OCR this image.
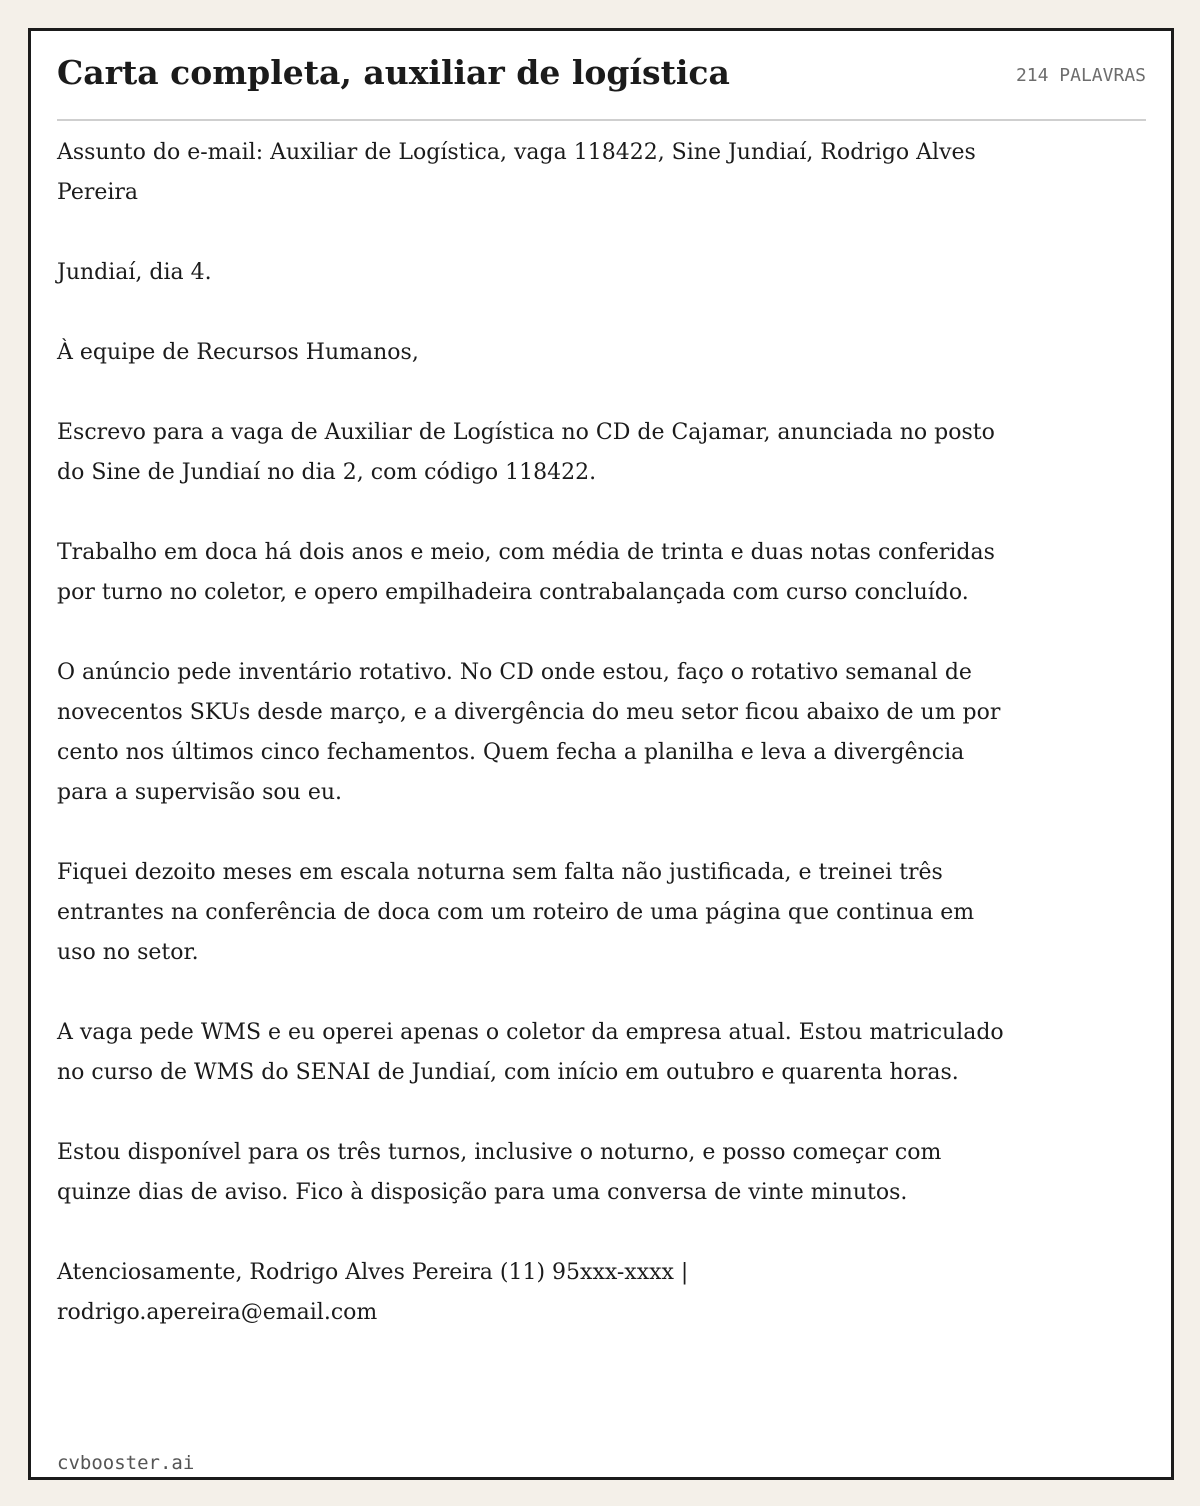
Carta completa, auxiliar de logística	214 PALAVRAS

Assunto do e-mail: Auxiliar de Logística, vaga 118422, Sine Jundiaí, Rodrigo Alves Pereira

Jundiaí, dia 4.

À equipe de Recursos Humanos,

Escrevo para a vaga de Auxiliar de Logística no CD de Cajamar, anunciada no posto do Sine de Jundiaí no dia 2, com código 118422.

Trabalho em doca há dois anos e meio, com média de trinta e duas notas conferidas por turno no coletor, e opero empilhadeira contrabalançada com curso concluído.

O anúncio pede inventário rotativo. No CD onde estou, faço o rotativo semanal de novecentos SKUs desde março, e a divergência do meu setor ficou abaixo de um por cento nos últimos cinco fechamentos. Quem fecha a planilha e leva a divergência para a supervisão sou eu.

Fiquei dezoito meses em escala noturna sem falta não justificada, e treinei três entrantes na conferência de doca com um roteiro de uma página que continua em uso no setor.

A vaga pede WMS e eu operei apenas o coletor da empresa atual. Estou matriculado no curso de WMS do SENAI de Jundiaí, com início em outubro e quarenta horas.

Estou disponível para os três turnos, inclusive o noturno, e posso começar com quinze dias de aviso. Fico à disposição para uma conversa de vinte minutos.

Atenciosamente, Rodrigo Alves Pereira (11) 95xxx-xxxx | rodrigo.apereira@email.com

cvbooster.ai
